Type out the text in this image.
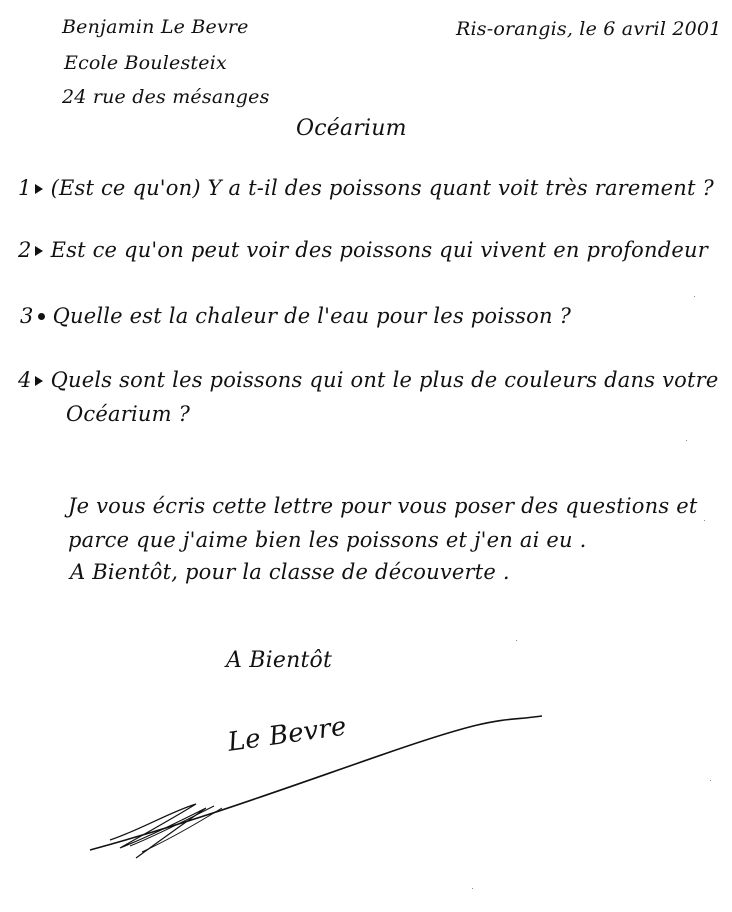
Benjamin Le Bevre
Ecole Boulesteix
24 rue des mésanges
Ris-orangis, le 6 avril 2001
Océarium
1 (Est ce qu'on) Y a t-il des poissons quant voit très rarement ?
2 Est ce qu'on peut voir des poissons qui vivent en profondeur
3 Quelle est la chaleur de l'eau pour les poisson ?
4 Quels sont les poissons qui ont le plus de couleurs dans votre
Océarium ?
Je vous écris cette lettre pour vous poser des questions et
parce que j'aime bien les poissons et j'en ai eu .
A Bientôt, pour la classe de découverte .
A Bientôt
Le Bevre
